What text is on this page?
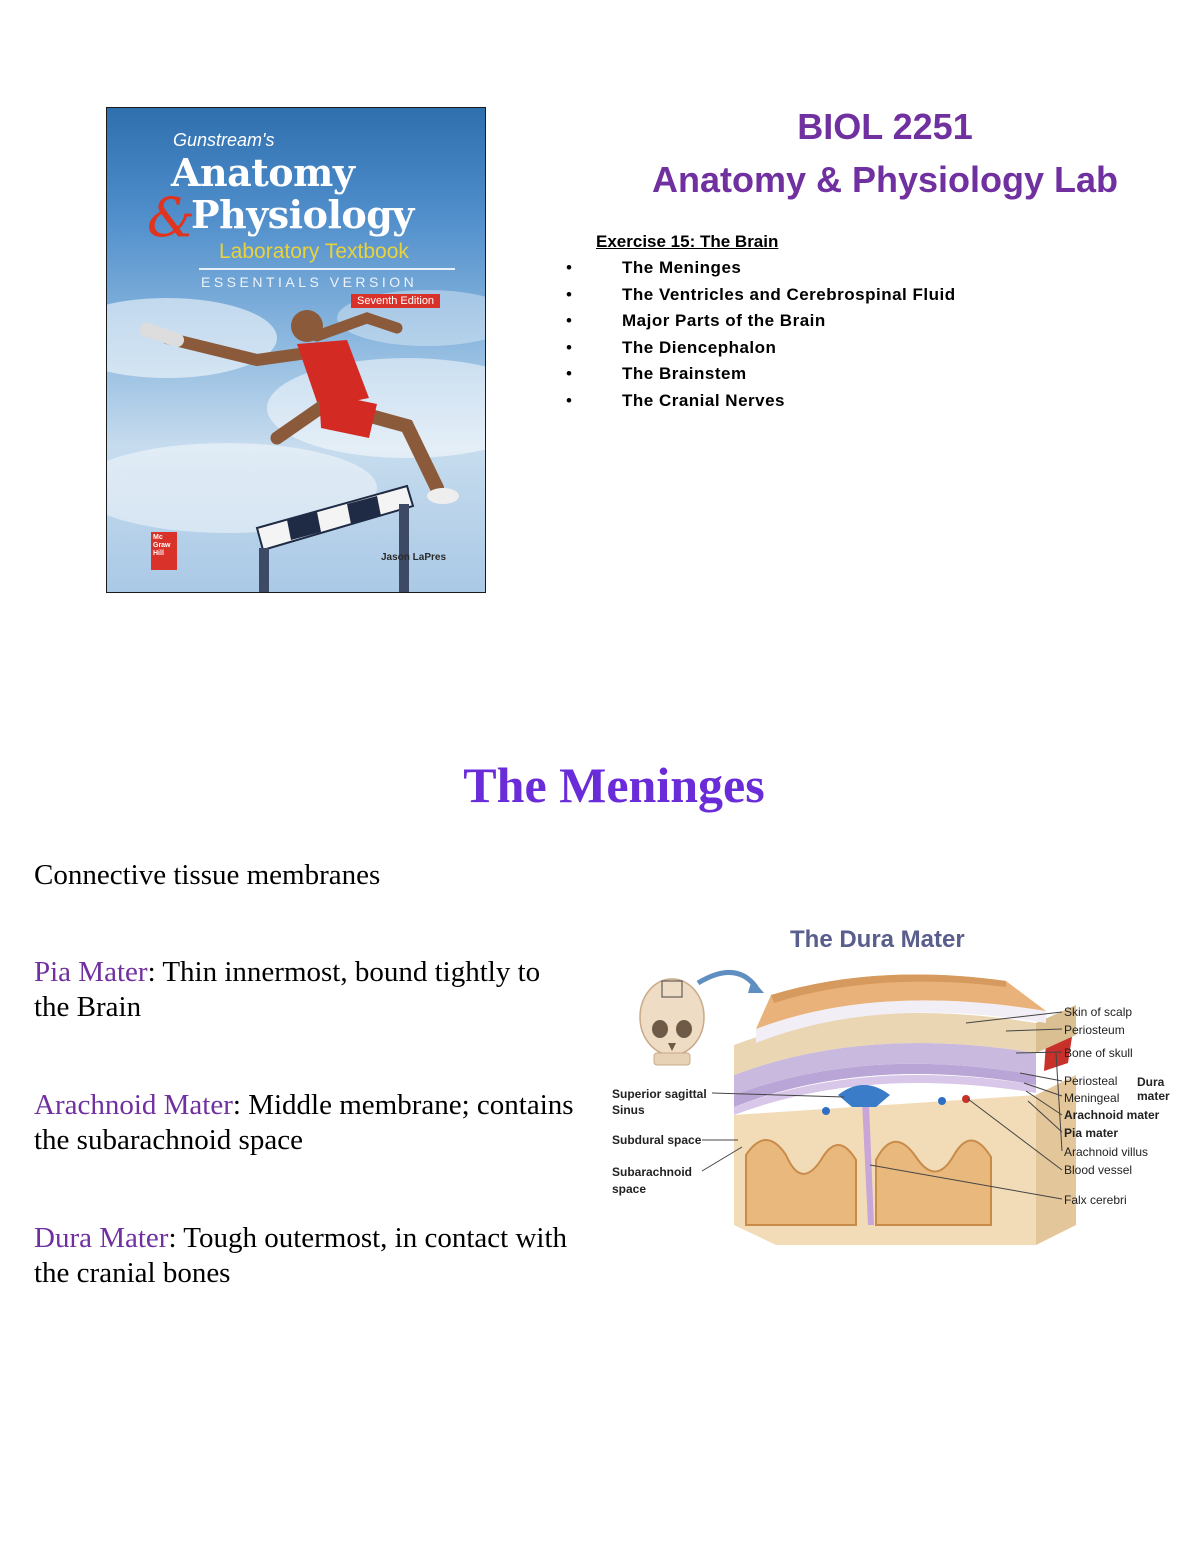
Gunstream's
Anatomy
&
Physiology
Laboratory Textbook
ESSENTIALS VERSION
Seventh Edition
Mc Graw Hill	Jason LaPres
BIOL 2251
Anatomy & Physiology Lab
Exercise 15: The Brain
•	The Meninges
•	The Ventricles and Cerebrospinal Fluid
•	Major Parts of the Brain
•	The Diencephalon
•	The Brainstem
•	The Cranial Nerves
The Meninges
Connective tissue membranes
Pia Mater: Thin innermost, bound tightly to the Brain
Arachnoid Mater: Middle membrane; contains the subarachnoid space
Dura Mater: Tough outermost, in contact with the cranial bones
The Dura Mater
Skin of scalp
Periosteum
Bone of skull
Periosteal
Meningeal
Dura
mater
Arachnoid mater
Pia mater
Arachnoid villus
Blood vessel
Falx cerebri
Superior sagittal
Sinus
Subdural space
Subarachnoid
space
